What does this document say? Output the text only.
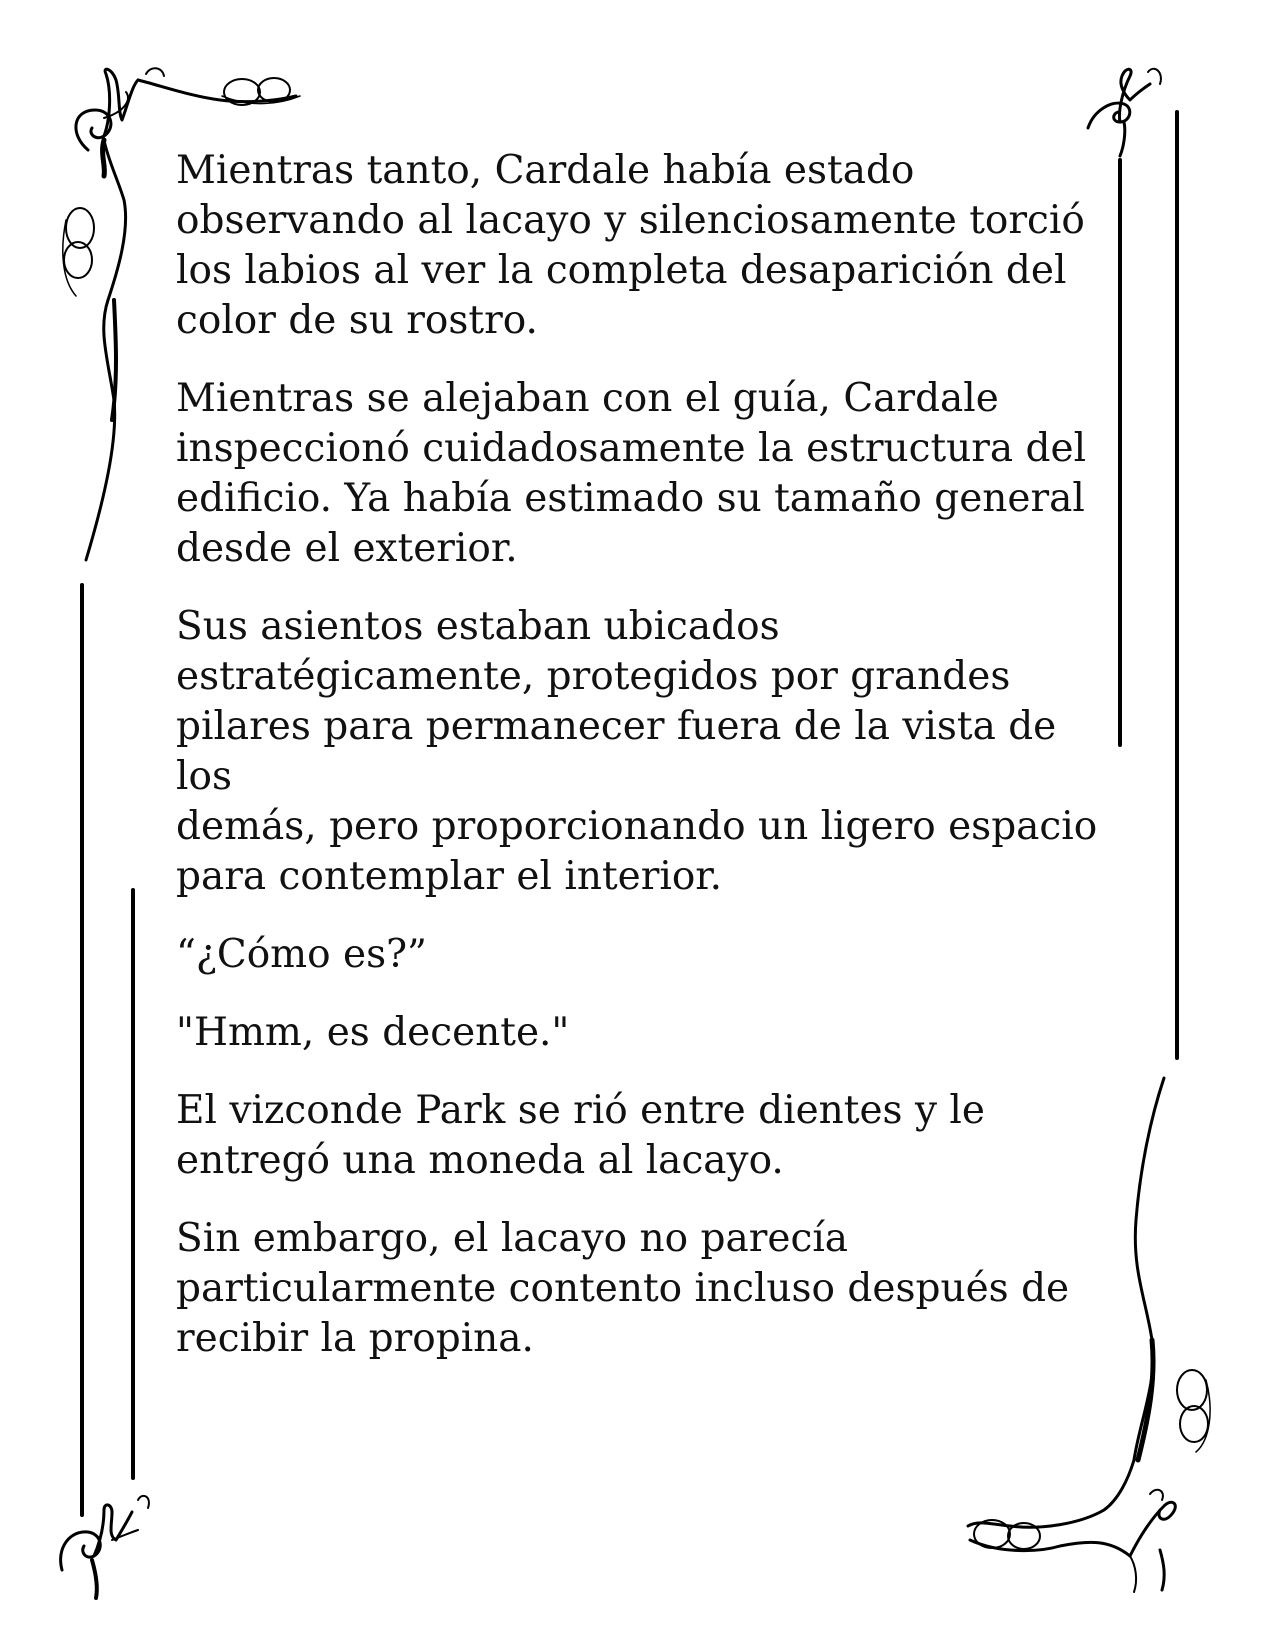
Mientras tanto, Cardale había estado
observando al lacayo y silenciosamente torció
los labios al ver la completa desaparición del
color de su rostro.

Mientras se alejaban con el guía, Cardale
inspeccionó cuidadosamente la estructura del
edificio. Ya había estimado su tamaño general
desde el exterior.

Sus asientos estaban ubicados
estratégicamente, protegidos por grandes
pilares para permanecer fuera de la vista de los
demás, pero proporcionando un ligero espacio
para contemplar el interior.

“¿Cómo es?”

"Hmm, es decente."

El vizconde Park se rió entre dientes y le
entregó una moneda al lacayo.

Sin embargo, el lacayo no parecía
particularmente contento incluso después de
recibir la propina.
